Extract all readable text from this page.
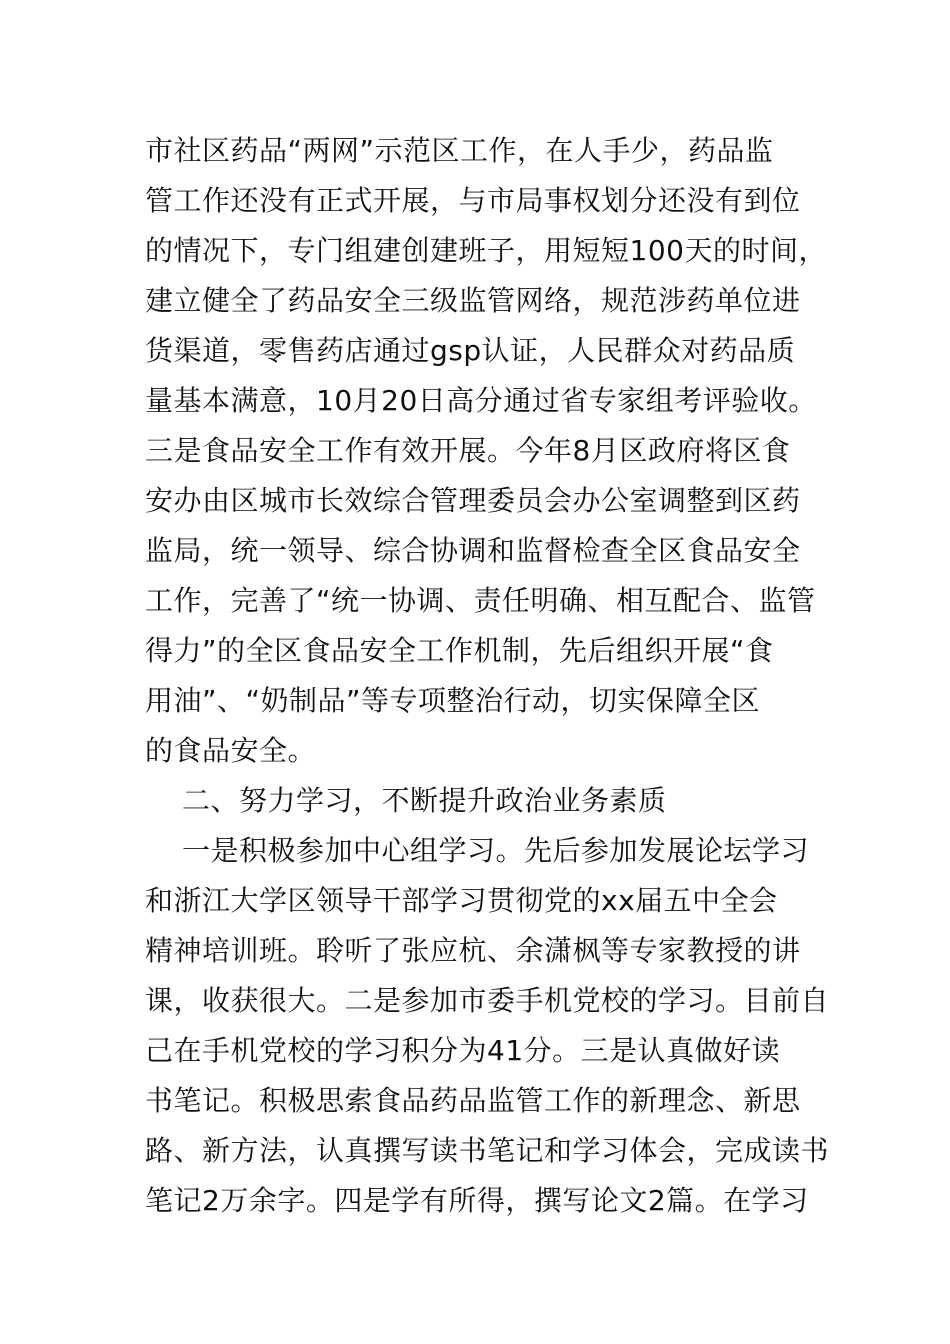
市社区药品“两网”示范区工作，在人手少，药品监
管工作还没有正式开展，与市局事权划分还没有到位
的情况下，专门组建创建班子，用短短100天的时间，
建立健全了药品安全三级监管网络，规范涉药单位进
货渠道，零售药店通过gsp认证，人民群众对药品质
量基本满意，10月20日高分通过省专家组考评验收。
三是食品安全工作有效开展。今年8月区政府将区食
安办由区城市长效综合管理委员会办公室调整到区药
监局，统一领导、综合协调和监督检查全区食品安全
工作，完善了“统一协调、责任明确、相互配合、监管
得力”的全区食品安全工作机制，先后组织开展“食
用油”、“奶制品”等专项整治行动，切实保障全区
的食品安全。
二、努力学习，不断提升政治业务素质
一是积极参加中心组学习。先后参加发展论坛学习
和浙江大学区领导干部学习贯彻党的xx届五中全会
精神培训班。聆听了张应杭、余潇枫等专家教授的讲
课，收获很大。二是参加市委手机党校的学习。目前自
己在手机党校的学习积分为41分。三是认真做好读
书笔记。积极思索食品药品监管工作的新理念、新思
路、新方法，认真撰写读书笔记和学习体会，完成读书
笔记2万余字。四是学有所得，撰写论文2篇。在学习
